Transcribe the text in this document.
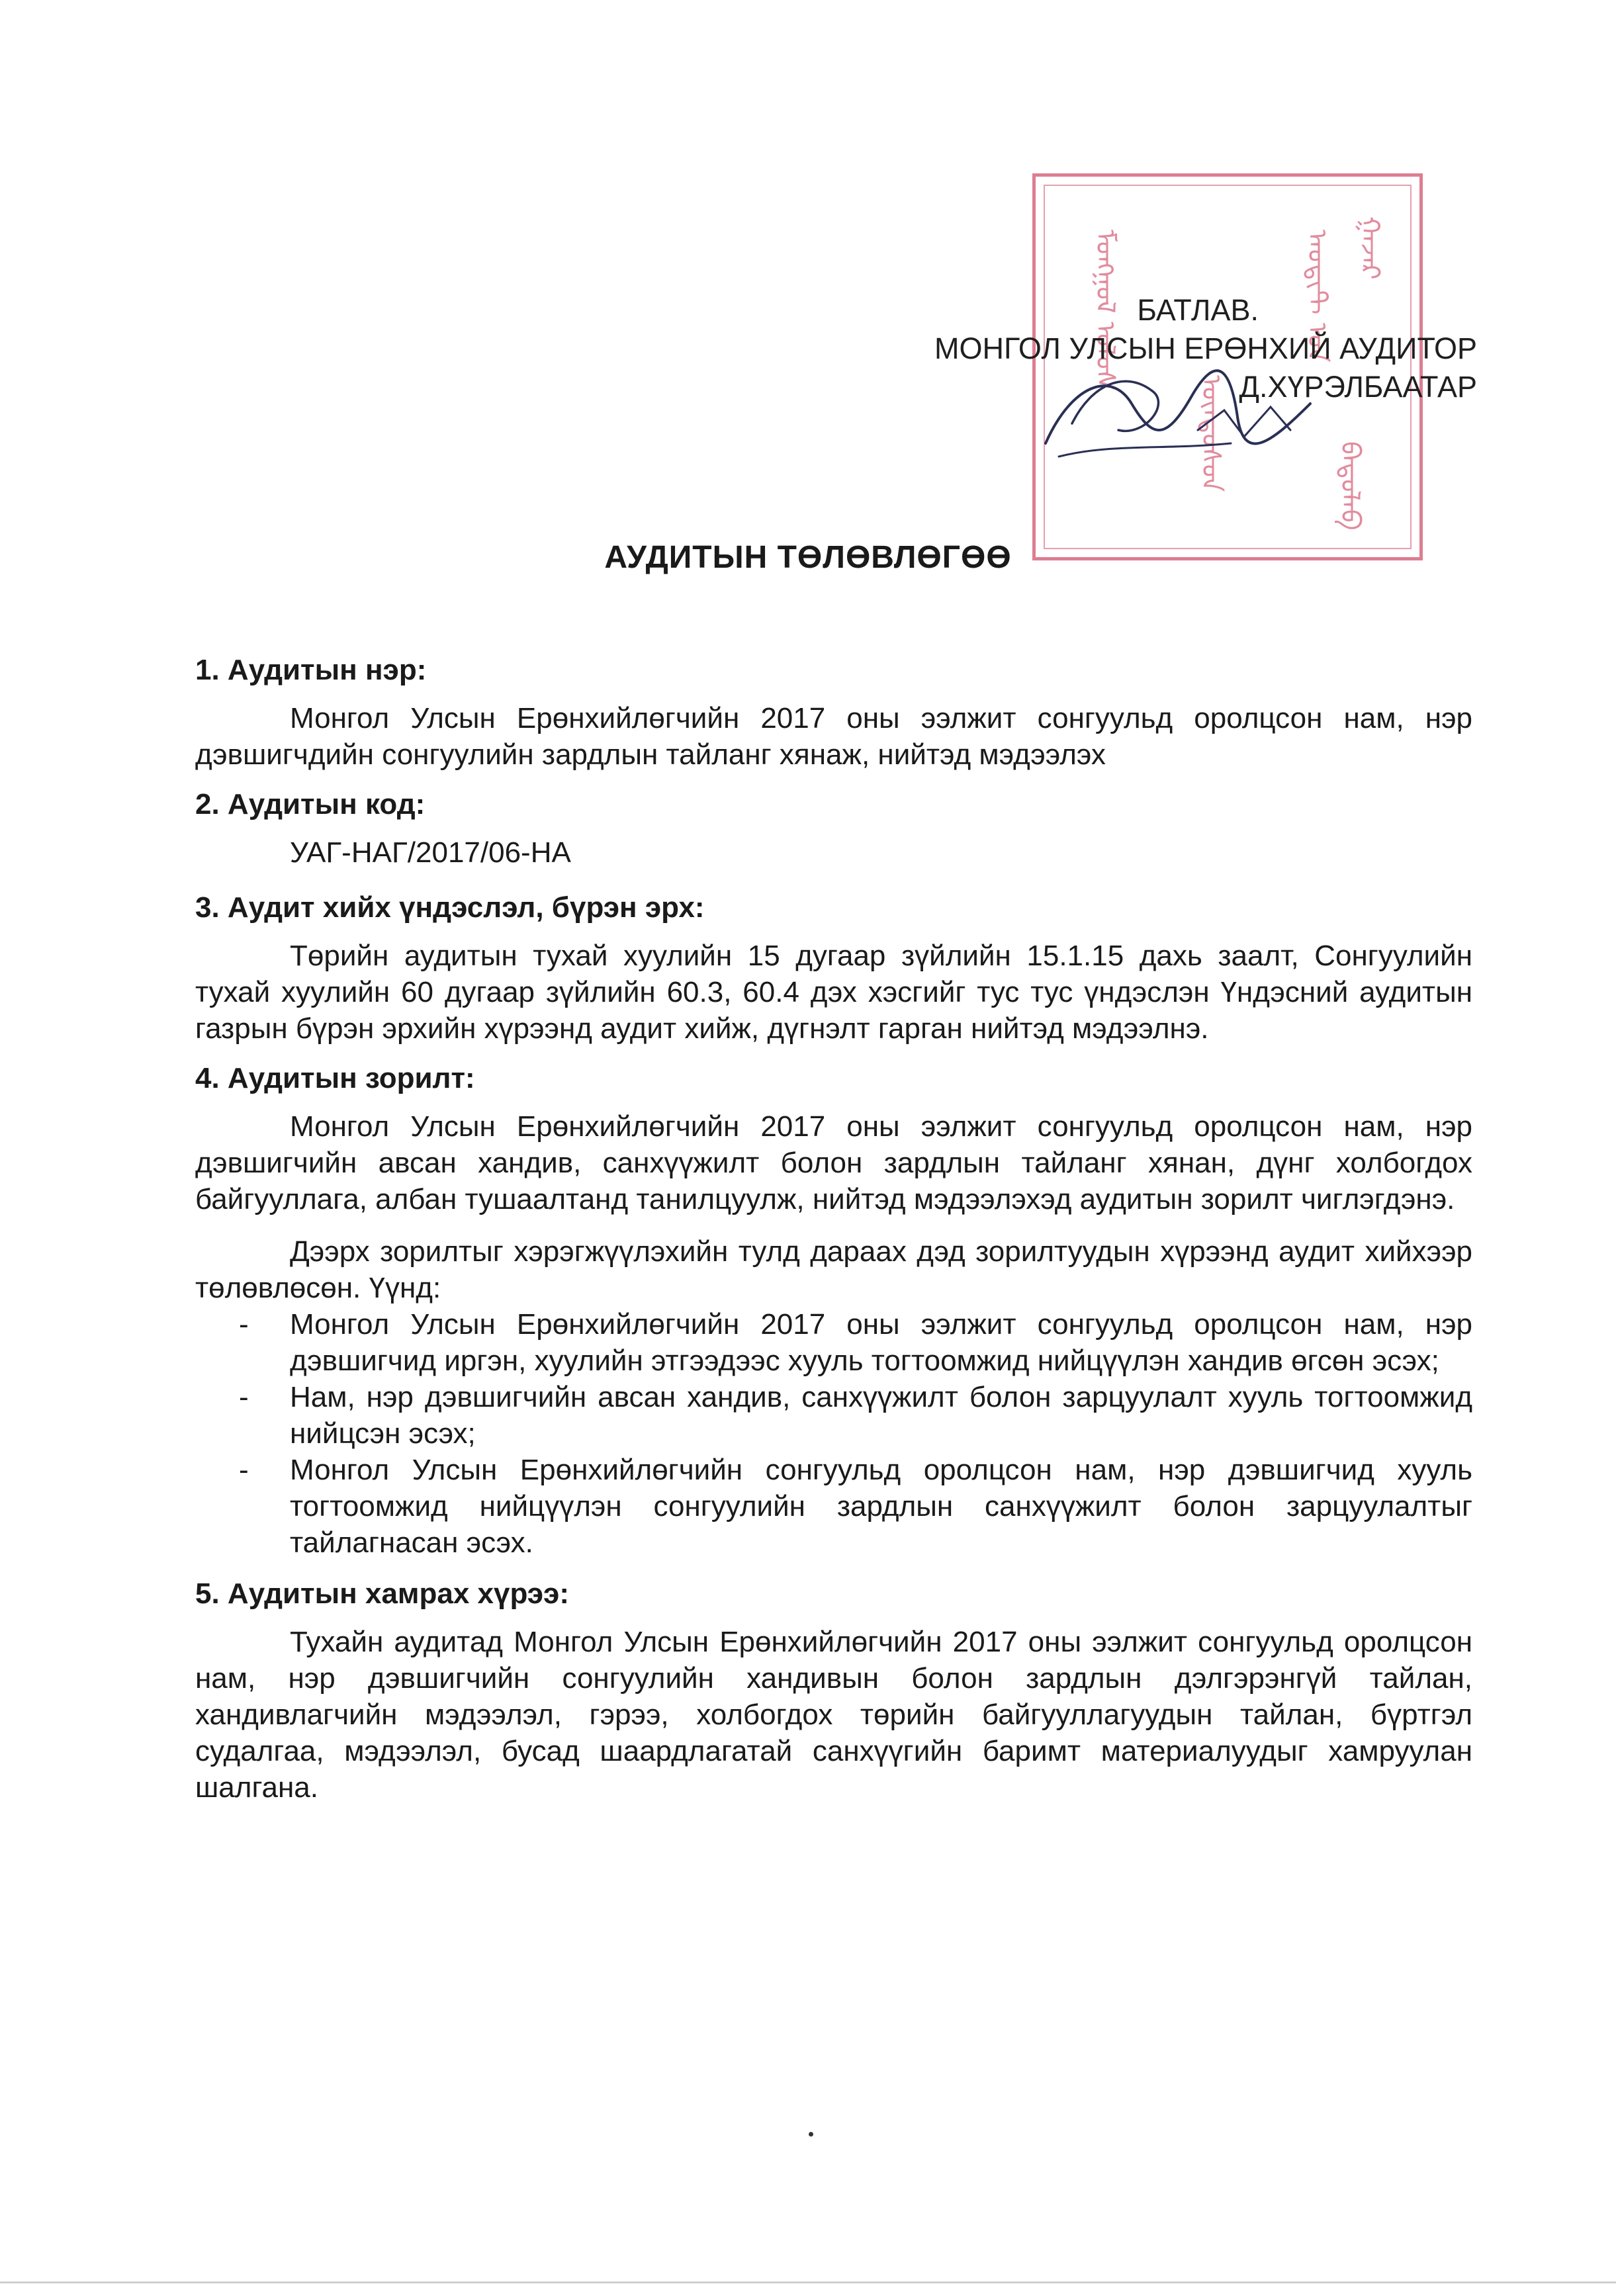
ᠮᠣᠩᠭᠣᠯ ᠤᠯᠤᠰ
ᠦᠨᠳᠦᠰᠦᠨ
ᠠᠤᠳᠢᠲ ᠤᠨ ᠭᠠᠵᠠᠷ
ᠪᠠᠲᠤᠯᠠᠪ
БАТЛАВ.
МОНГОЛ УЛСЫН ЕРӨНХИЙ АУДИТОР
Д.ХҮРЭЛБААТАР
АУДИТЫН ТӨЛӨВЛӨГӨӨ
1. Аудитын нэр:
Монгол Улсын Ерөнхийлөгчийн 2017 оны ээлжит сонгуульд оролцсон нам, нэр дэвшигчдийн сонгуулийн зардлын тайланг хянаж, нийтэд мэдээлэх
2. Аудитын код:
УАГ-НАГ/2017/06-НА
3. Аудит хийх үндэслэл, бүрэн эрх:
Төрийн аудитын тухай хуулийн 15 дугаар зүйлийн 15.1.15 дахь заалт, Сонгуулийн тухай хуулийн 60 дугаар зүйлийн 60.3, 60.4 дэх хэсгийг тус тус үндэслэн Үндэсний аудитын газрын бүрэн эрхийн хүрээнд аудит хийж, дүгнэлт гарган нийтэд мэдээлнэ.
4. Аудитын зорилт:
Монгол Улсын Ерөнхийлөгчийн 2017 оны ээлжит сонгуульд оролцсон нам, нэр дэвшигчийн авсан хандив, санхүүжилт болон зардлын тайланг хянан, дүнг холбогдох байгууллага, албан тушаалтанд танилцуулж, нийтэд мэдээлэхэд аудитын зорилт чиглэгдэнэ.
Дээрх зорилтыг хэрэгжүүлэхийн тулд дараах дэд зорилтуудын хүрээнд аудит хийхээр төлөвлөсөн. Үүнд:
- Монгол Улсын Ерөнхийлөгчийн 2017 оны ээлжит сонгуульд оролцсон нам, нэр дэвшигчид иргэн, хуулийн этгээдээс хууль тогтоомжид нийцүүлэн хандив өгсөн эсэх;
- Нам, нэр дэвшигчийн авсан хандив, санхүүжилт болон зарцуулалт хууль тогтоомжид нийцсэн эсэх;
- Монгол Улсын Ерөнхийлөгчийн сонгуульд оролцсон нам, нэр дэвшигчид хууль тогтоомжид нийцүүлэн сонгуулийн зардлын санхүүжилт болон зарцуулалтыг тайлагнасан эсэх.
5. Аудитын хамрах хүрээ:
Тухайн аудитад Монгол Улсын Ерөнхийлөгчийн 2017 оны ээлжит сонгуульд оролцсон нам, нэр дэвшигчийн сонгуулийн хандивын болон зардлын дэлгэрэнгүй тайлан, хандивлагчийн мэдээлэл, гэрээ, холбогдох төрийн байгууллагуудын тайлан, бүртгэл судалгаа, мэдээлэл, бусад шаардлагатай санхүүгийн баримт материалуудыг хамруулан шалгана.
